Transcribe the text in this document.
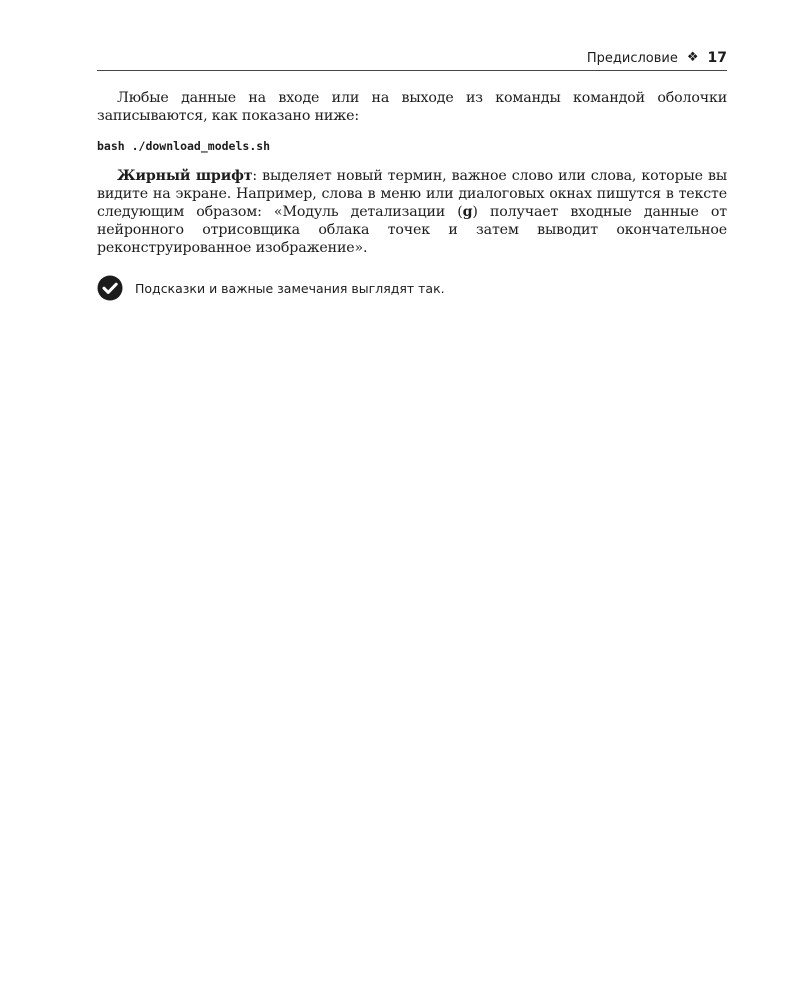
Предисловие ❖ 17

Любые данные на входе или на выходе из команды командой оболочки записываются, как показано ниже:

bash ./download_models.sh

Жирный шрифт: выделяет новый термин, важное слово или слова, которые вы видите на экране. Например, слова в меню или диалоговых окнах пишутся в тексте следующим образом: «Модуль детализации (g) получает входные данные от нейронного отрисовщика облака точек и затем выводит окончательное реконструированное изображение».

Подсказки и важные замечания выглядят так.
